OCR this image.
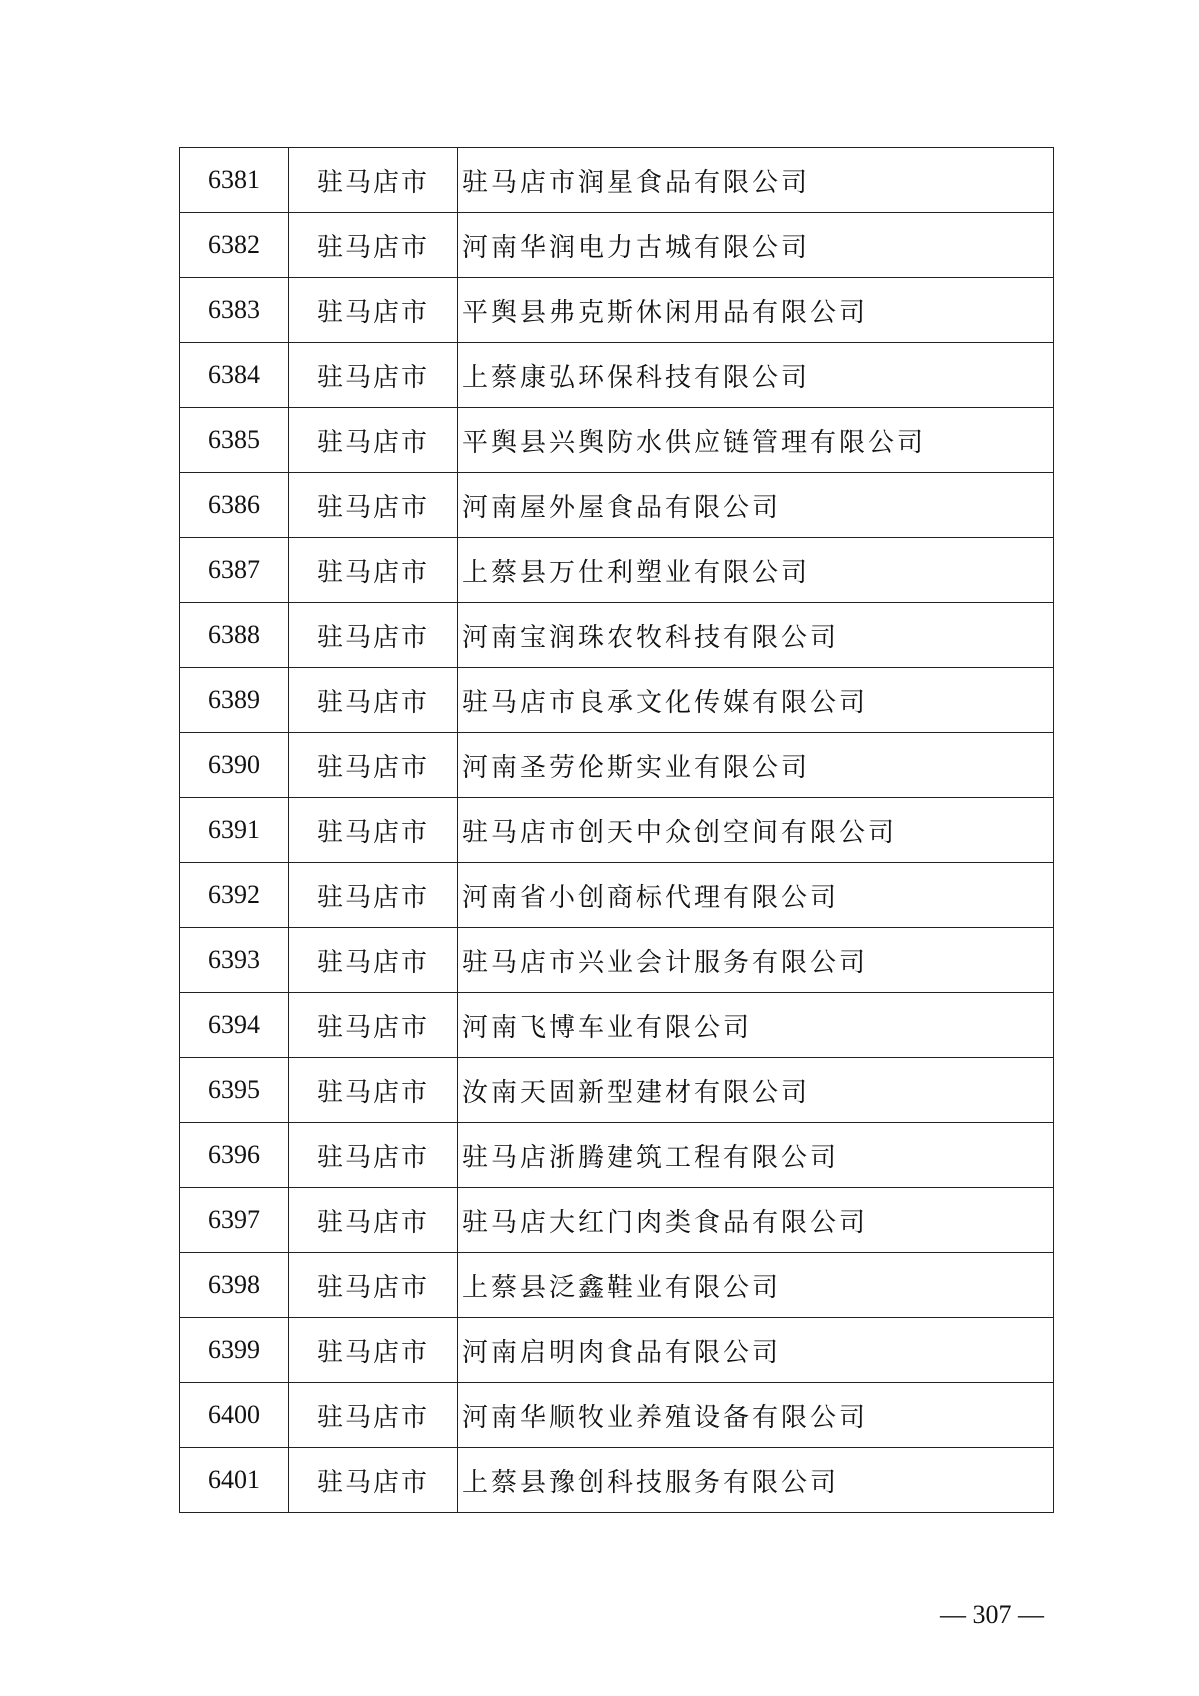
6381	驻马店市	驻马店市润星食品有限公司
6382	驻马店市	河南华润电力古城有限公司
6383	驻马店市	平舆县弗克斯休闲用品有限公司
6384	驻马店市	上蔡康弘环保科技有限公司
6385	驻马店市	平舆县兴舆防水供应链管理有限公司
6386	驻马店市	河南屋外屋食品有限公司
6387	驻马店市	上蔡县万仕利塑业有限公司
6388	驻马店市	河南宝润珠农牧科技有限公司
6389	驻马店市	驻马店市良承文化传媒有限公司
6390	驻马店市	河南圣劳伦斯实业有限公司
6391	驻马店市	驻马店市创天中众创空间有限公司
6392	驻马店市	河南省小创商标代理有限公司
6393	驻马店市	驻马店市兴业会计服务有限公司
6394	驻马店市	河南飞博车业有限公司
6395	驻马店市	汝南天固新型建材有限公司
6396	驻马店市	驻马店浙腾建筑工程有限公司
6397	驻马店市	驻马店大红门肉类食品有限公司
6398	驻马店市	上蔡县泛鑫鞋业有限公司
6399	驻马店市	河南启明肉食品有限公司
6400	驻马店市	河南华顺牧业养殖设备有限公司
6401	驻马店市	上蔡县豫创科技服务有限公司
— 307 —
